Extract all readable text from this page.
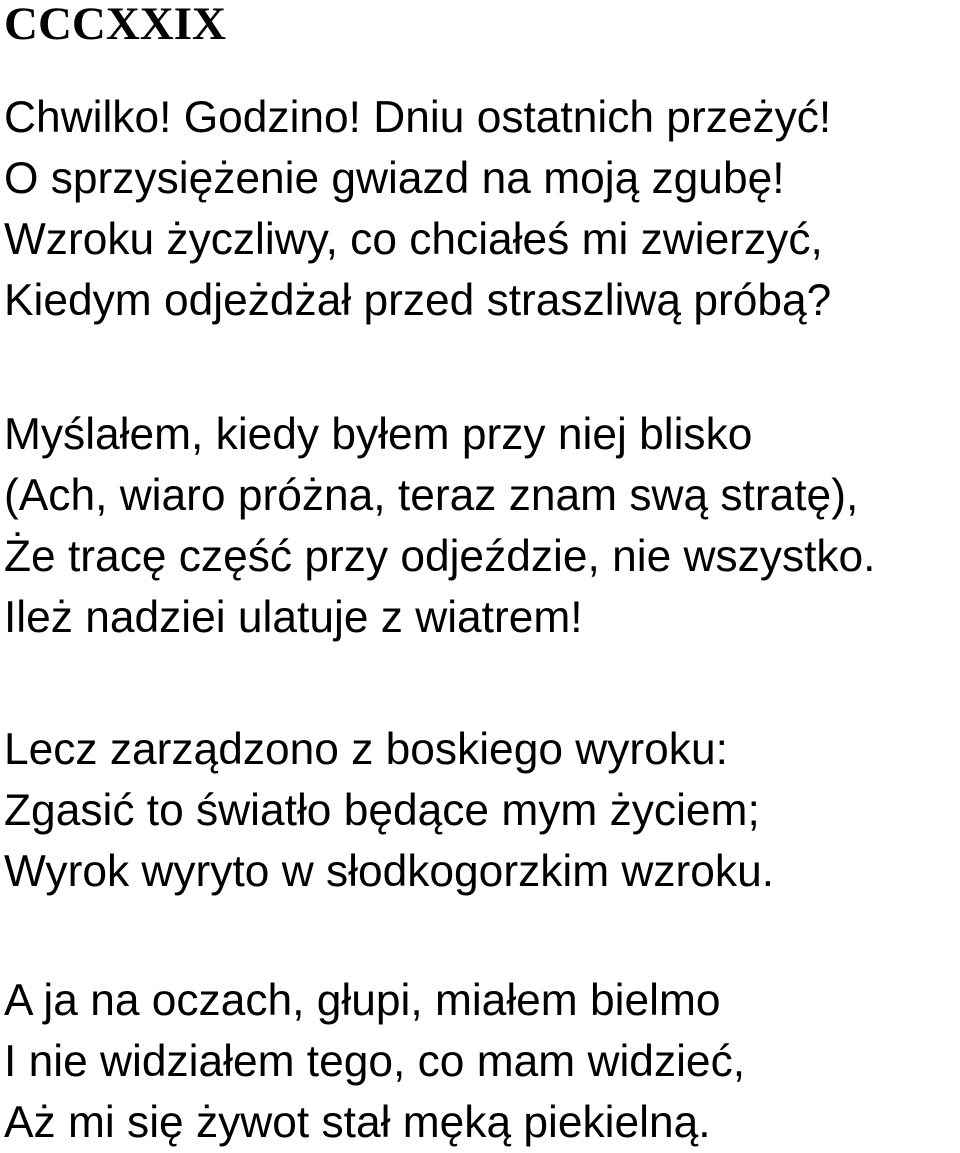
CCCXXIX
Chwilko! Godzino! Dniu ostatnich przeżyć!
O sprzysiężenie gwiazd na moją zgubę!
Wzroku życzliwy, co chciałeś mi zwierzyć,
Kiedym odjeżdżał przed straszliwą próbą?
Myślałem, kiedy byłem przy niej blisko
(Ach, wiaro próżna, teraz znam swą stratę),
Że tracę część przy odjeździe, nie wszystko.
Ileż nadziei ulatuje z wiatrem!
Lecz zarządzono z boskiego wyroku:
Zgasić to światło będące mym życiem;
Wyrok wyryto w słodkogorzkim wzroku.
A ja na oczach, głupi, miałem bielmo
I nie widziałem tego, co mam widzieć,
Aż mi się żywot stał męką piekielną.
